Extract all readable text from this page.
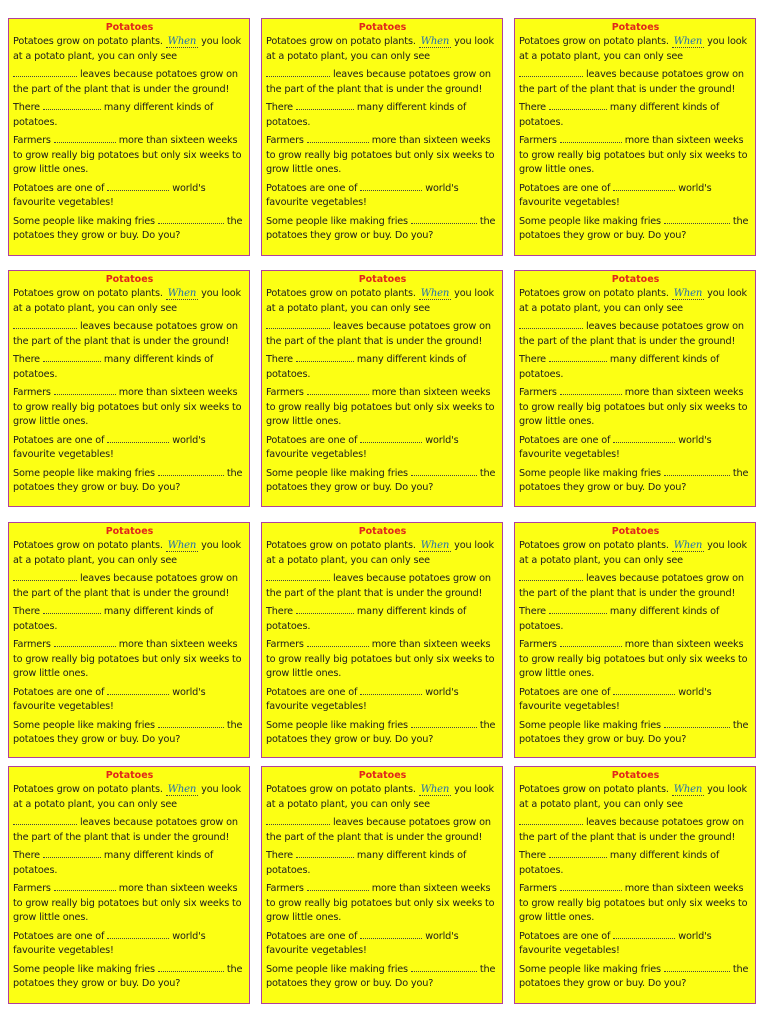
Potatoes
Potatoes grow on potato plants. When you look at a potato plant, you can only see
leaves because potatoes grow on the part of the plant that is under the ground!
There	many different kinds of potatoes.
Farmers	more than sixteen weeks to grow really big potatoes but only six weeks to grow little ones.
Potatoes are one of	world's favourite vegetables!
Some people like making fries	the potatoes they grow or buy. Do you?
Potatoes
Potatoes grow on potato plants. When you look at a potato plant, you can only see
leaves because potatoes grow on the part of the plant that is under the ground!
There	many different kinds of potatoes.
Farmers	more than sixteen weeks to grow really big potatoes but only six weeks to grow little ones.
Potatoes are one of	world's favourite vegetables!
Some people like making fries	the potatoes they grow or buy. Do you?
Potatoes
Potatoes grow on potato plants. When you look at a potato plant, you can only see
leaves because potatoes grow on the part of the plant that is under the ground!
There	many different kinds of potatoes.
Farmers	more than sixteen weeks to grow really big potatoes but only six weeks to grow little ones.
Potatoes are one of	world's favourite vegetables!
Some people like making fries	the potatoes they grow or buy. Do you?
Potatoes
Potatoes grow on potato plants. When you look at a potato plant, you can only see
leaves because potatoes grow on the part of the plant that is under the ground!
There	many different kinds of potatoes.
Farmers	more than sixteen weeks to grow really big potatoes but only six weeks to grow little ones.
Potatoes are one of	world's favourite vegetables!
Some people like making fries	the potatoes they grow or buy. Do you?
Potatoes
Potatoes grow on potato plants. When you look at a potato plant, you can only see
leaves because potatoes grow on the part of the plant that is under the ground!
There	many different kinds of potatoes.
Farmers	more than sixteen weeks to grow really big potatoes but only six weeks to grow little ones.
Potatoes are one of	world's favourite vegetables!
Some people like making fries	the potatoes they grow or buy. Do you?
Potatoes
Potatoes grow on potato plants. When you look at a potato plant, you can only see
leaves because potatoes grow on the part of the plant that is under the ground!
There	many different kinds of potatoes.
Farmers	more than sixteen weeks to grow really big potatoes but only six weeks to grow little ones.
Potatoes are one of	world's favourite vegetables!
Some people like making fries	the potatoes they grow or buy. Do you?
Potatoes
Potatoes grow on potato plants. When you look at a potato plant, you can only see
leaves because potatoes grow on the part of the plant that is under the ground!
There	many different kinds of potatoes.
Farmers	more than sixteen weeks to grow really big potatoes but only six weeks to grow little ones.
Potatoes are one of	world's favourite vegetables!
Some people like making fries	the potatoes they grow or buy. Do you?
Potatoes
Potatoes grow on potato plants. When you look at a potato plant, you can only see
leaves because potatoes grow on the part of the plant that is under the ground!
There	many different kinds of potatoes.
Farmers	more than sixteen weeks to grow really big potatoes but only six weeks to grow little ones.
Potatoes are one of	world's favourite vegetables!
Some people like making fries	the potatoes they grow or buy. Do you?
Potatoes
Potatoes grow on potato plants. When you look at a potato plant, you can only see
leaves because potatoes grow on the part of the plant that is under the ground!
There	many different kinds of potatoes.
Farmers	more than sixteen weeks to grow really big potatoes but only six weeks to grow little ones.
Potatoes are one of	world's favourite vegetables!
Some people like making fries	the potatoes they grow or buy. Do you?
Potatoes
Potatoes grow on potato plants. When you look at a potato plant, you can only see
leaves because potatoes grow on the part of the plant that is under the ground!
There	many different kinds of potatoes.
Farmers	more than sixteen weeks to grow really big potatoes but only six weeks to grow little ones.
Potatoes are one of	world's favourite vegetables!
Some people like making fries	the potatoes they grow or buy. Do you?
Potatoes
Potatoes grow on potato plants. When you look at a potato plant, you can only see
leaves because potatoes grow on the part of the plant that is under the ground!
There	many different kinds of potatoes.
Farmers	more than sixteen weeks to grow really big potatoes but only six weeks to grow little ones.
Potatoes are one of	world's favourite vegetables!
Some people like making fries	the potatoes they grow or buy. Do you?
Potatoes
Potatoes grow on potato plants. When you look at a potato plant, you can only see
leaves because potatoes grow on the part of the plant that is under the ground!
There	many different kinds of potatoes.
Farmers	more than sixteen weeks to grow really big potatoes but only six weeks to grow little ones.
Potatoes are one of	world's favourite vegetables!
Some people like making fries	the potatoes they grow or buy. Do you?
